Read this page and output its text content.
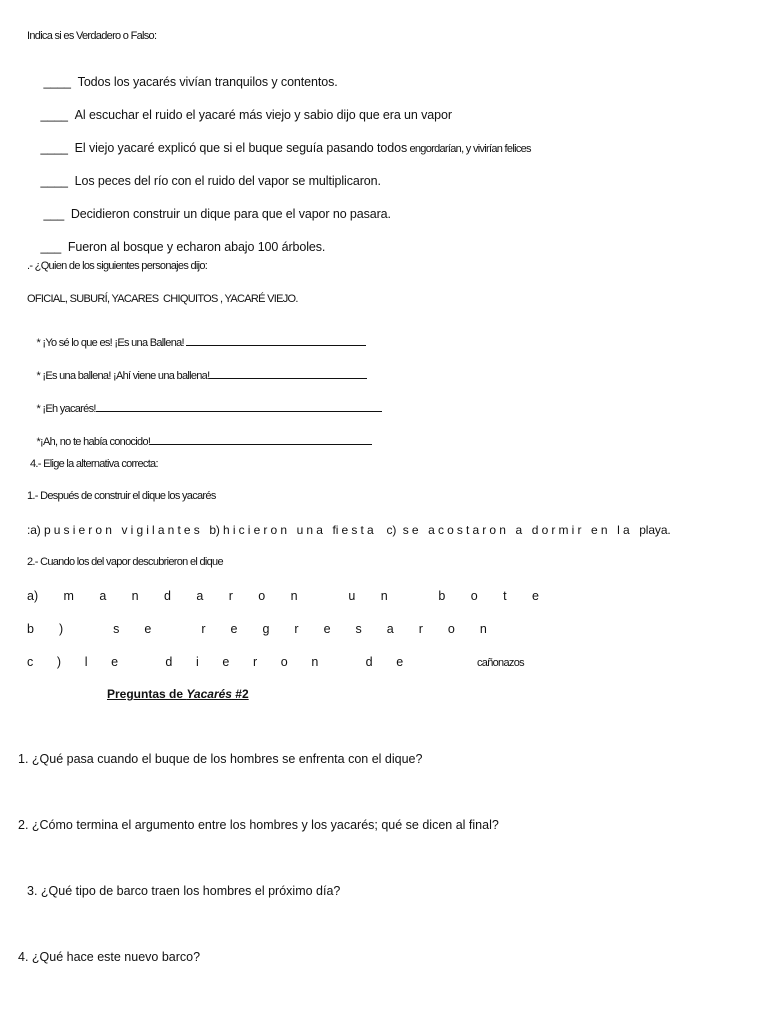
Indica si es Verdadero o Falso:

____ Todos los yacarés vivían tranquilos y contentos.

____ Al escuchar el ruido el yacaré más viejo y sabio dijo que era un vapor

____ El viejo yacaré explicó que si el buque seguía pasando todos engordarían, y vivirían felices

____ Los peces del río con el ruido del vapor se multiplicaron.

___ Decidieron construir un dique para que el vapor no pasara.

___ Fueron al bosque y echaron abajo 100 árboles.

.- ¿Quien de los siguientes personajes dijo:
OFICIAL, SUBURÍ, YACARES  CHIQUITOS , YACARÉ VIEJO.

* ¡Yo sé lo que es! ¡Es una Ballena!

* ¡Es una ballena! ¡Ahí viene una ballena!

* ¡Eh yacarés!

*¡Ah, no te había conocido!

4.- Elige la alternativa correcta:
1.- Después de construir el dique los yacarés
:a) p u s i e r o n   v i g i l a n t e s   b) h i c i e r o n   u n a   fi e s t a    c)  s e   a c o s t a r o n   a   d o r m i r   e n   l a   playa.
2.- Cuando los del vapor descubrieron el dique
a) m a n d a r o n	u n	b o t e
b )	s e	r e g r e s a r o n
c ) l e	d i e r o n	d e	cañonazos
Preguntas de Yacarés #2
1. ¿Qué pasa cuando el buque de los hombres se enfrenta con el dique?
2. ¿Cómo termina el argumento entre los hombres y los yacarés; qué se dicen al final?
3. ¿Qué tipo de barco traen los hombres el próximo día?
4. ¿Qué hace este nuevo barco?
